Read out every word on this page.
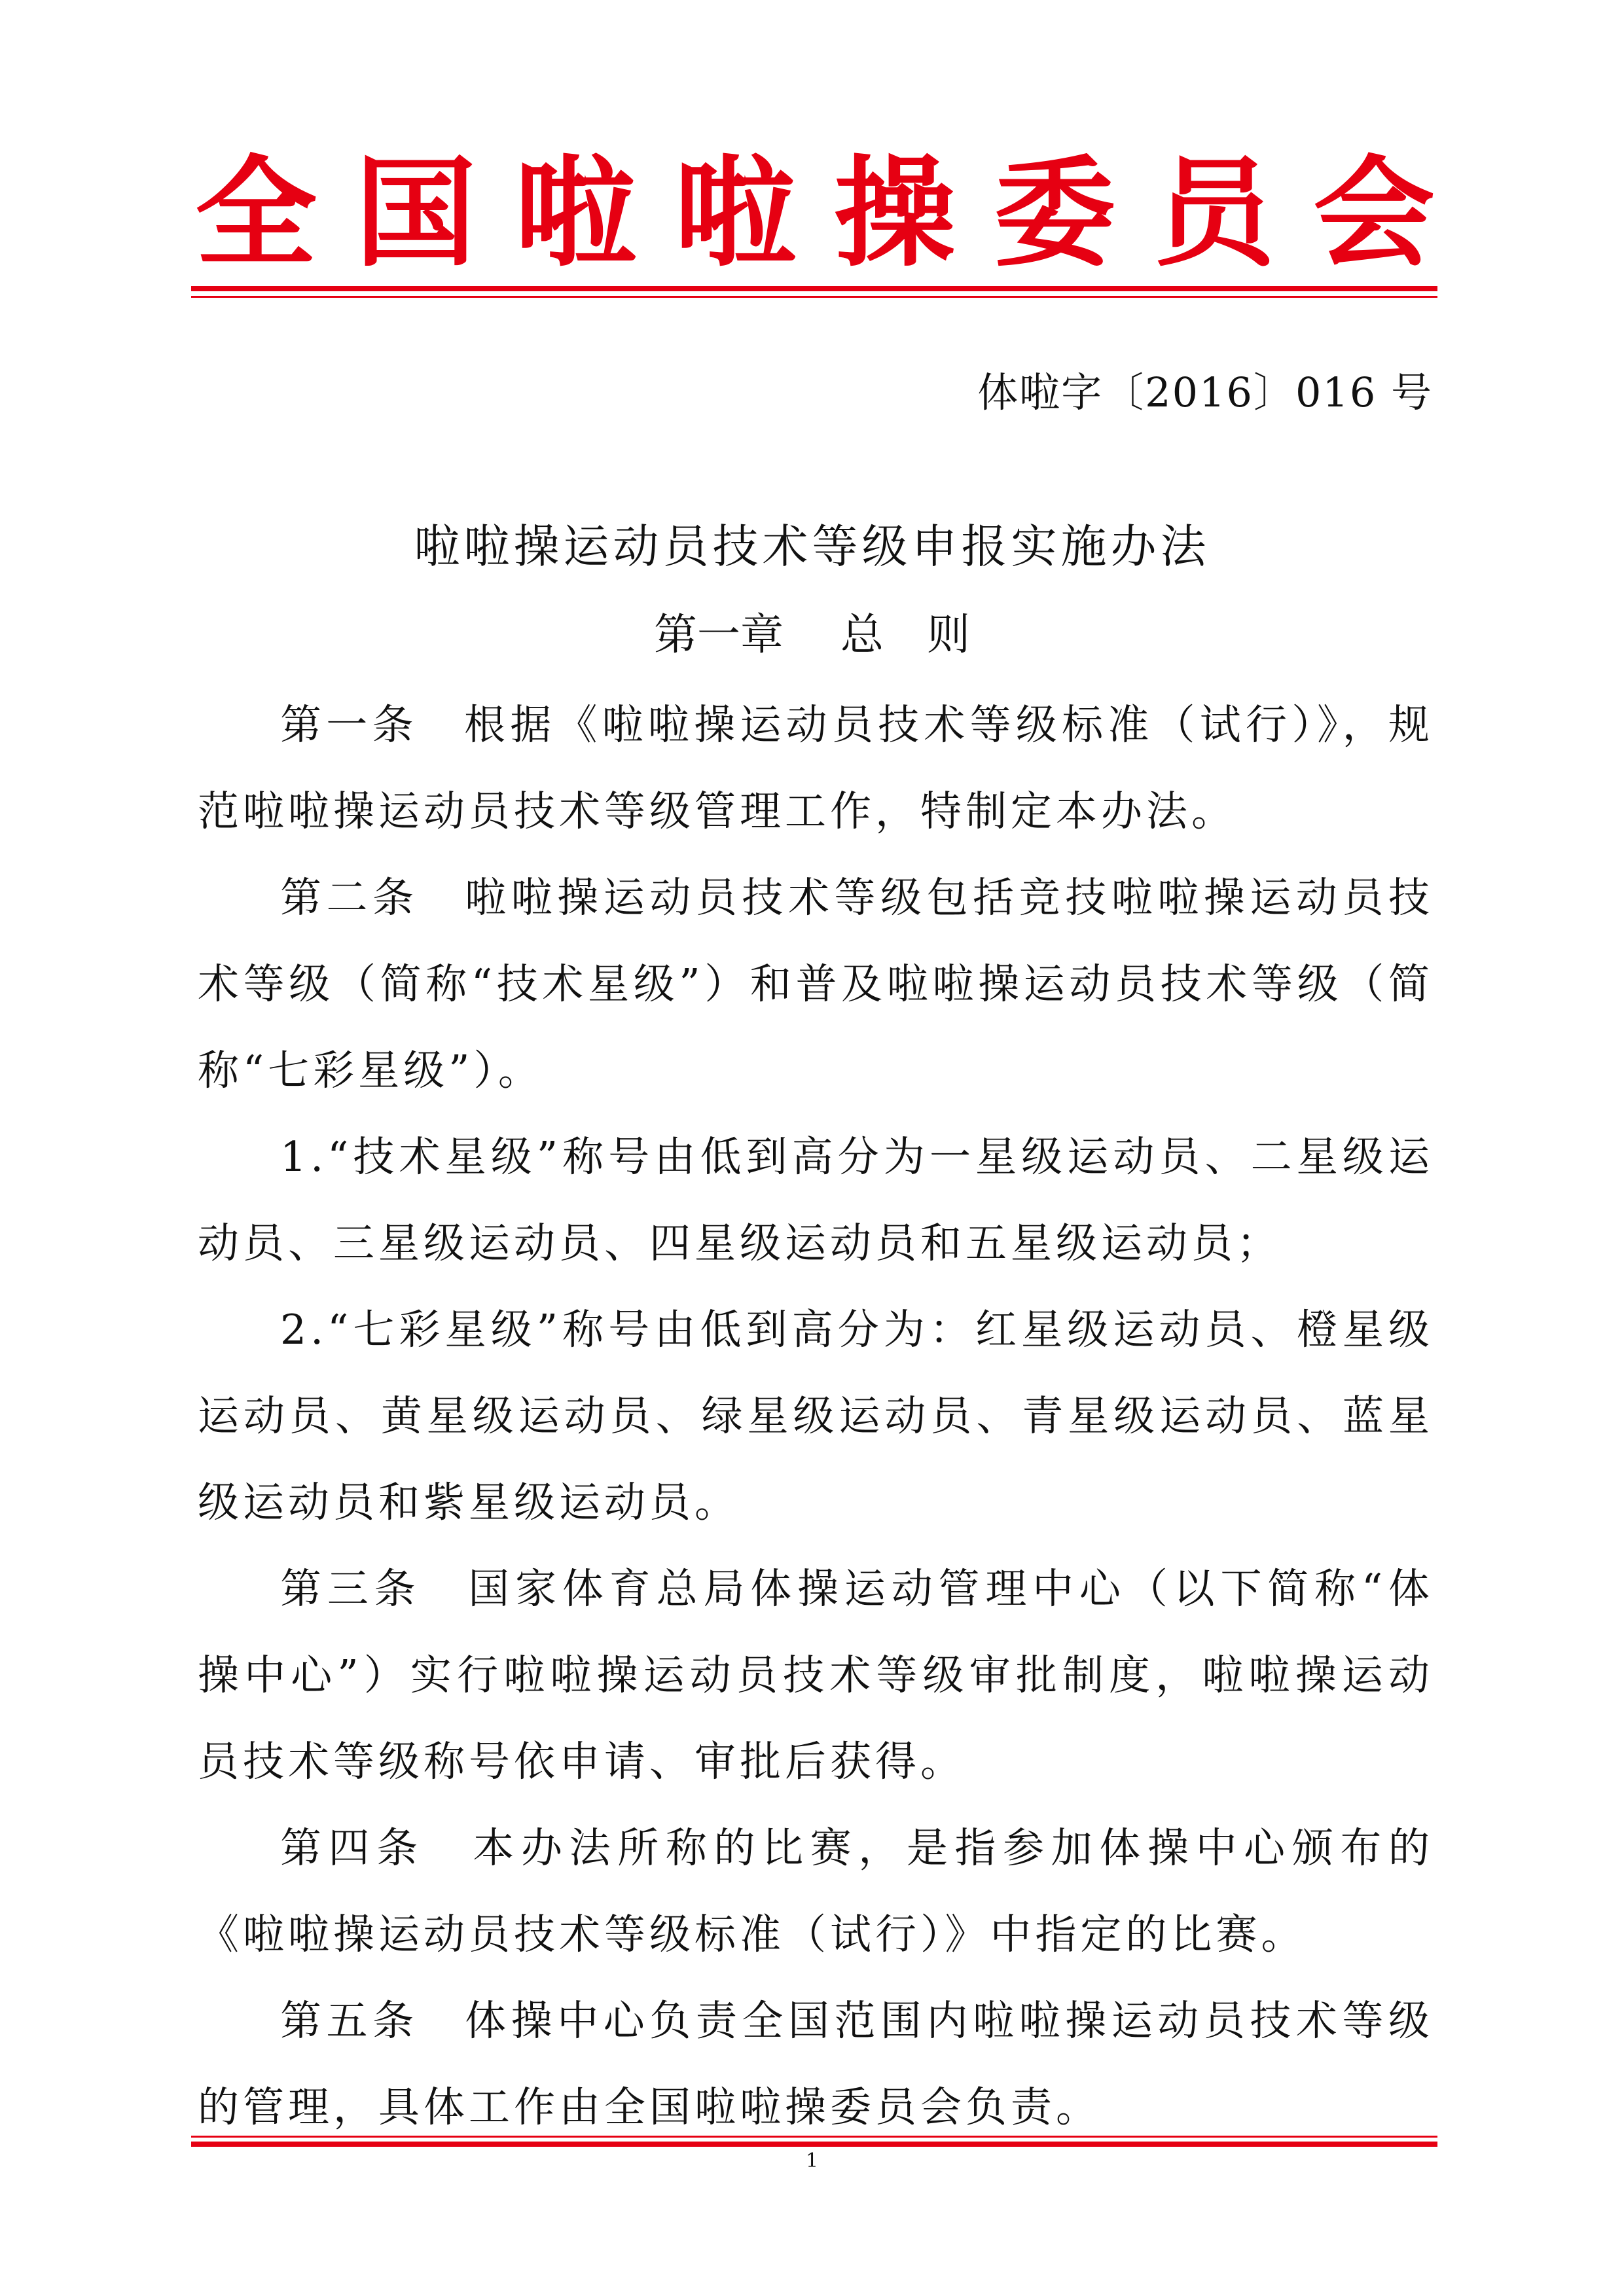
全 国 啦 啦 操 委 员 会
体啦字〔2016〕016 号
啦啦操运动员技术等级申报实施办法
第一章　 总　则

第一条　根据《啦啦操运动员技术等级标准（试行）》，规范啦啦操运动员技术等级管理工作，特制定本办法。

第二条　啦啦操运动员技术等级包括竞技啦啦操运动员技术等级（简称“技术星级”）和普及啦啦操运动员技术等级（简称“七彩星级”）。

1.“技术星级”称号由低到高分为一星级运动员、二星级运动员、三星级运动员、四星级运动员和五星级运动员；

2.“七彩星级”称号由低到高分为：红星级运动员、橙星级运动员、黄星级运动员、绿星级运动员、青星级运动员、蓝星级运动员和紫星级运动员。

第三条　国家体育总局体操运动管理中心（以下简称“体操中心”）实行啦啦操运动员技术等级审批制度，啦啦操运动员技术等级称号依申请、审批后获得。

第四条　本办法所称的比赛，是指参加体操中心颁布的《啦啦操运动员技术等级标准（试行）》中指定的比赛。

第五条　体操中心负责全国范围内啦啦操运动员技术等级的管理，具体工作由全国啦啦操委员会负责。

1
